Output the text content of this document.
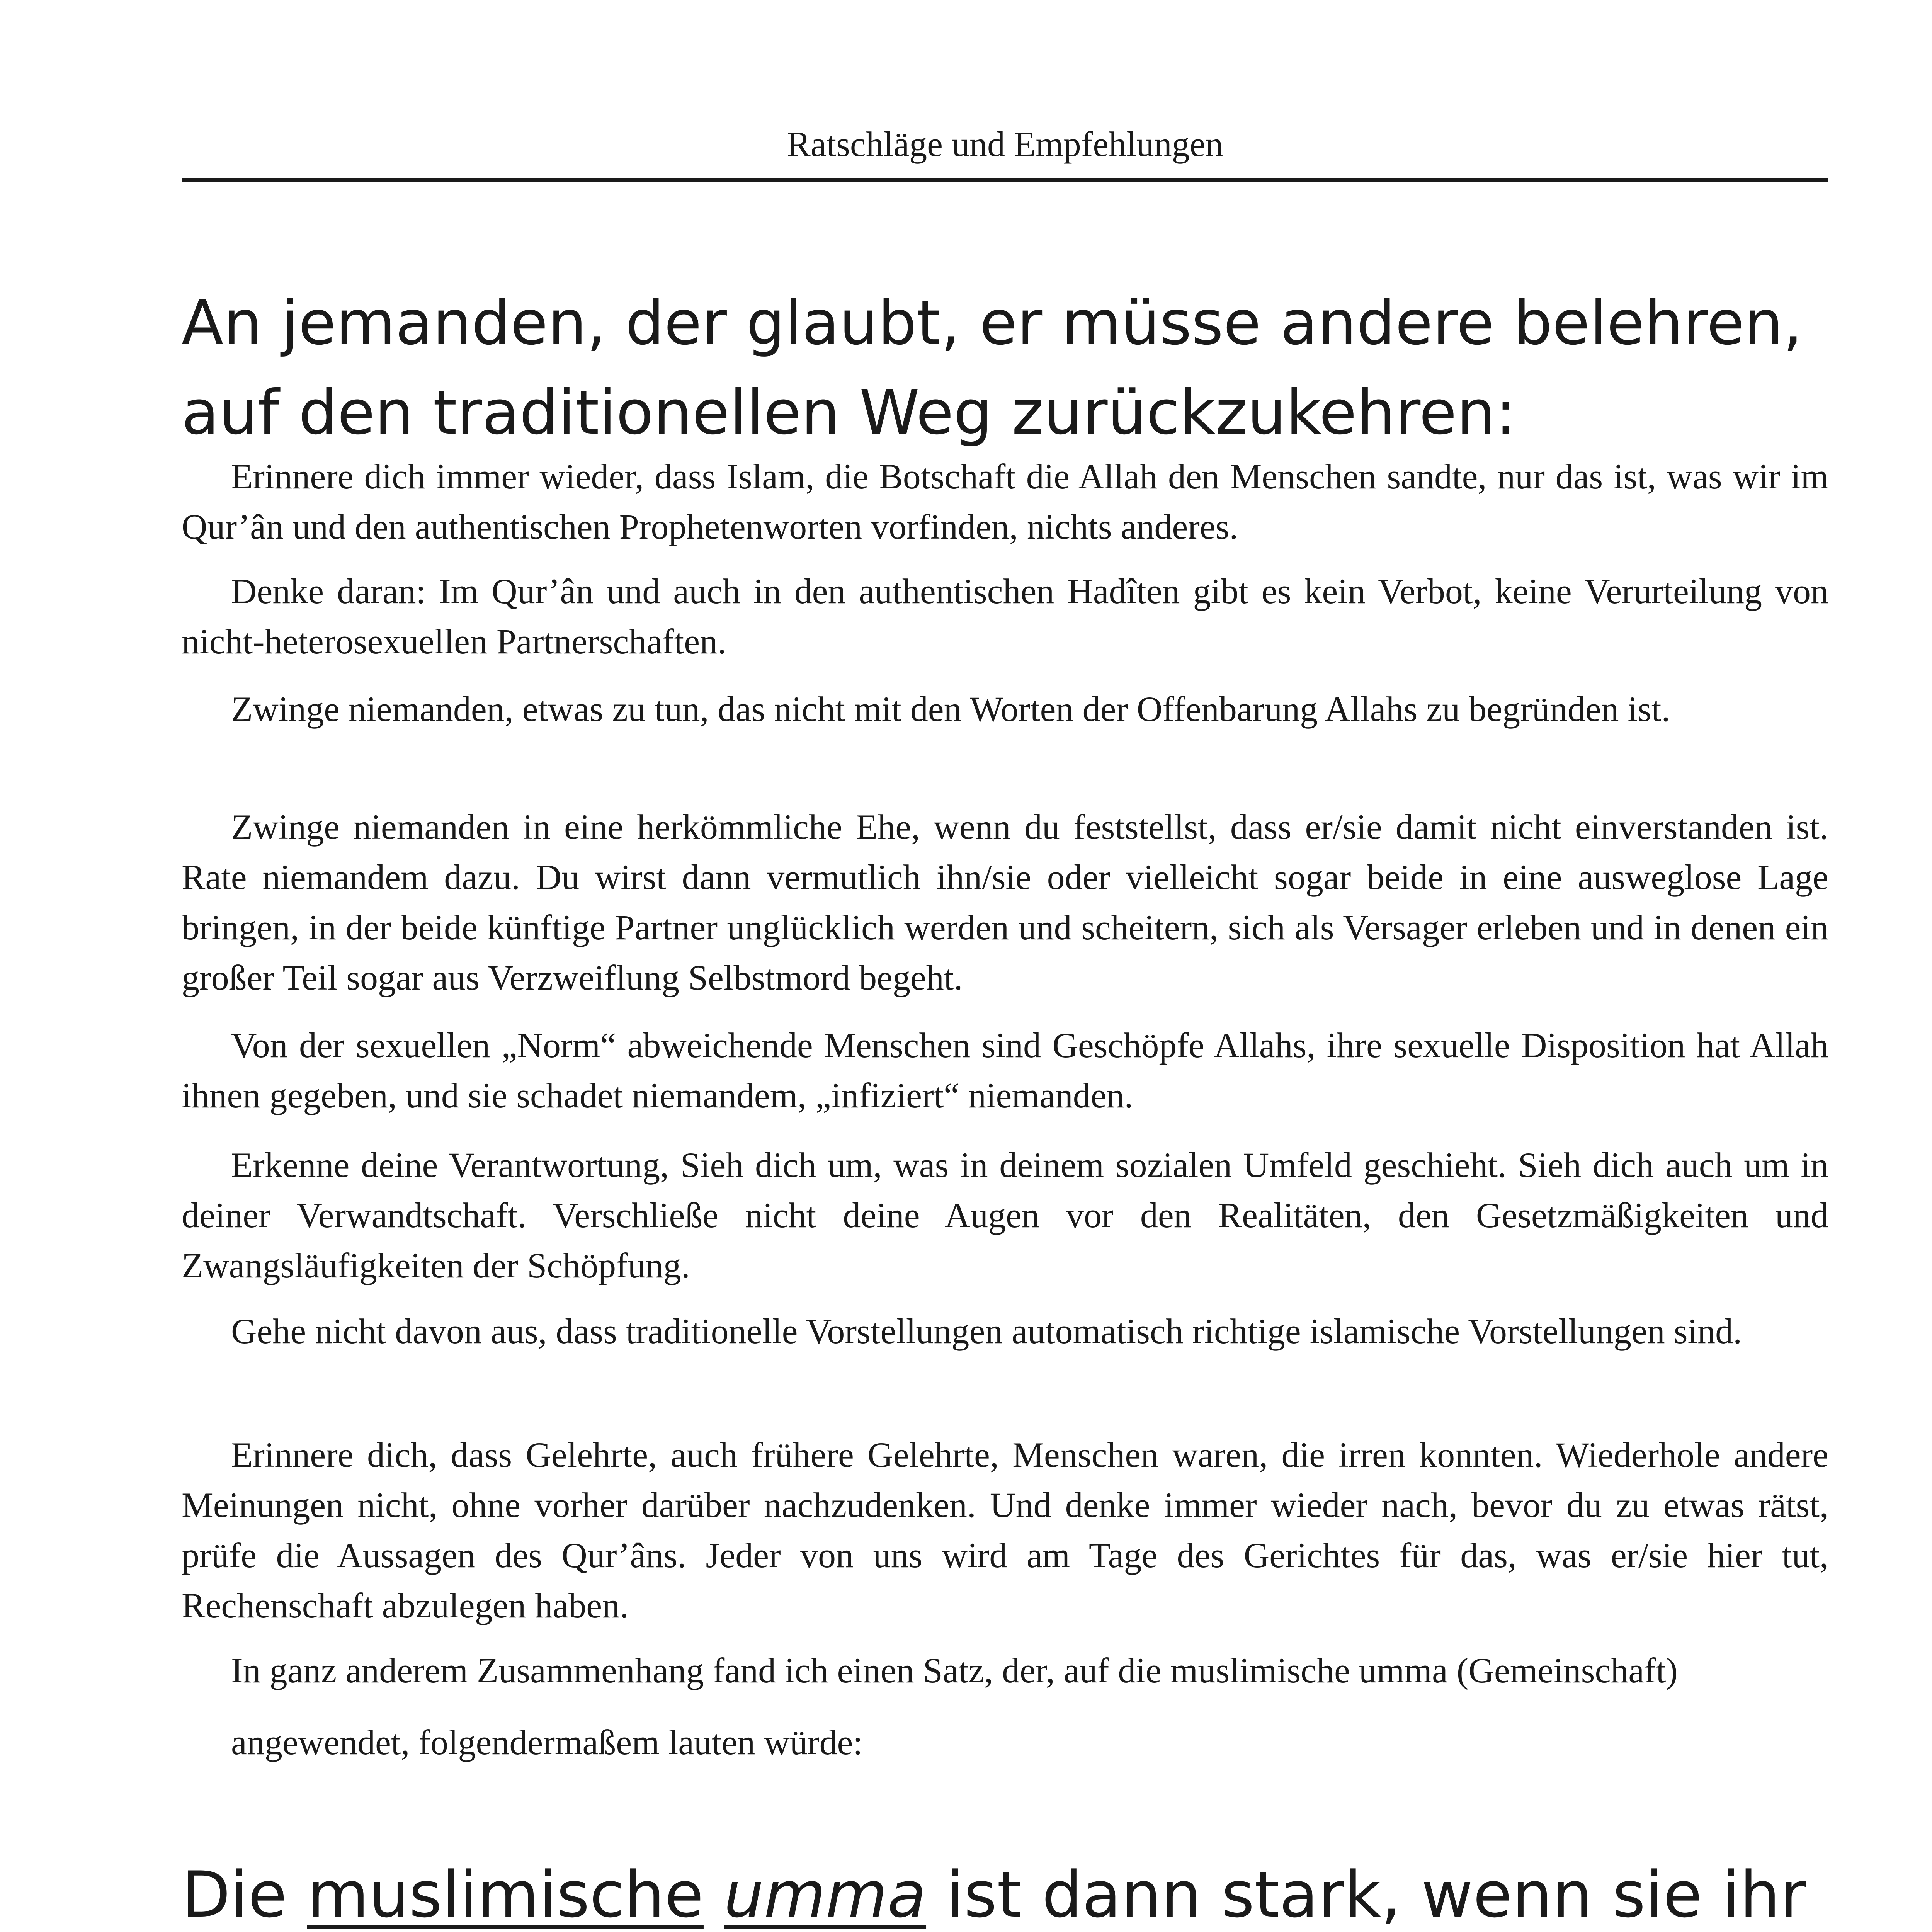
Ratschläge und Empfehlungen
An jemanden, der glaubt, er müsse andere belehren, auf den traditionellen Weg zurückzukehren:

Erinnere dich immer wieder, dass Islam, die Botschaft die Allah den Menschen sandte, nur das ist, was wir im Qur’ân und den authentischen Prophetenworten vorfinden, nichts anderes.

Denke daran: Im Qur’ân und auch in den authentischen Hadîten gibt es kein Verbot, keine Verurteilung von nicht-heterosexuellen Partnerschaften.

Zwinge niemanden, etwas zu tun, das nicht mit den Worten der Offenbarung Allahs zu begründen ist.

Zwinge niemanden in eine herkömmliche Ehe, wenn du feststellst, dass er/sie damit nicht einverstanden ist. Rate niemandem dazu. Du wirst dann vermutlich ihn/sie oder vielleicht sogar beide in eine ausweglose Lage bringen, in der beide künftige Partner unglücklich werden und scheitern, sich als Versager erleben und in denen ein großer Teil sogar aus Verzweiflung Selbstmord begeht.

Von der sexuellen „Norm“ abweichende Menschen sind Geschöpfe Allahs, ihre sexuelle Disposition hat Allah ihnen gegeben, und sie schadet niemandem, „infiziert“ niemanden.

Erkenne deine Verantwortung, Sieh dich um, was in deinem sozialen Umfeld geschieht. Sieh dich auch um in deiner Verwandtschaft. Verschließe nicht deine Augen vor den Realitäten, den Gesetzmäßigkeiten und Zwangsläufigkeiten der Schöpfung.

Gehe nicht davon aus, dass traditionelle Vorstellungen automatisch richtige islamische Vorstellungen sind.

Erinnere dich, dass Gelehrte, auch frühere Gelehrte, Menschen waren, die irren konnten. Wiederhole andere Meinungen nicht, ohne vorher darüber nachzudenken. Und denke immer wieder nach, bevor du zu etwas rätst, prüfe die Aussagen des Qur’âns. Jeder von uns wird am Tage des Gerichtes für das, was er/sie hier tut, Rechenschaft abzulegen haben.

In ganz anderem Zusammenhang fand ich einen Satz, der, auf die muslimische umma (Gemeinschaft)

angewendet, folgendermaßem lauten würde:

Die muslimische umma ist dann stark, wenn sie ihr
